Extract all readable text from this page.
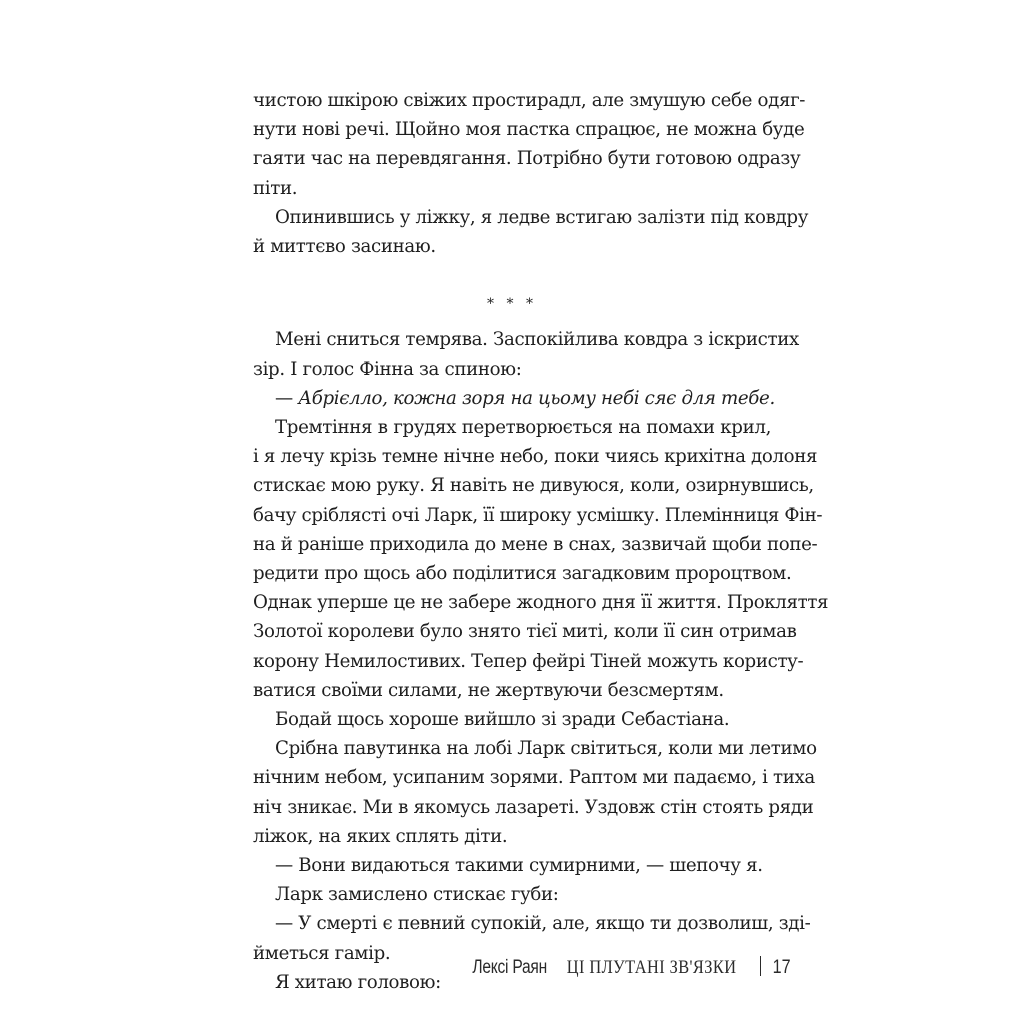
чистою шкірою свіжих простирадл, але змушую себе одяг-
нути нові речі. Щойно моя пастка спрацює, не можна буде
гаяти час на перевдягання. Потрібно бути готовою одразу
піти.

Опинившись у ліжку, я ледве встигаю залізти під ковдру
й миттєво засинаю.

* * *

Мені сниться темрява. Заспокійлива ковдра з іскристих
зір. І голос Фінна за спиною:

— Абрієлло, кожна зоря на цьому небі сяє для тебе.

Тремтіння в грудях перетворюється на помахи крил,
і я лечу крізь темне нічне небо, поки чиясь крихітна долоня
стискає мою руку. Я навіть не дивуюся, коли, озирнувшись,
бачу сріблясті очі Ларк, її широку усмішку. Племінниця Фін-
на й раніше приходила до мене в снах, зазвичай щоби попе-
редити про щось або поділитися загадковим пророцтвом.
Однак уперше це не забере жодного дня її життя. Прокляття
Золотої королеви було знято тієї миті, коли її син отримав
корону Немилостивих. Тепер фейрі Тіней можуть користу-
ватися своїми силами, не жертвуючи безсмертям.

Бодай щось хороше вийшло зі зради Себастіана.

Срібна павутинка на лобі Ларк світиться, коли ми летимо
нічним небом, усипаним зорями. Раптом ми падаємо, і тиха
ніч зникає. Ми в якомусь лазареті. Уздовж стін стоять ряди
ліжок, на яких сплять діти.

— Вони видаються такими сумирними, — шепочу я.

Ларк замислено стискає губи:

— У смерті є певний супокій, але, якщо ти дозволиш, зді-
йметься гамір.

Я хитаю головою:

Лексі Раян ЦІ ПЛУТАНІ ЗВ'ЯЗКИ 17
